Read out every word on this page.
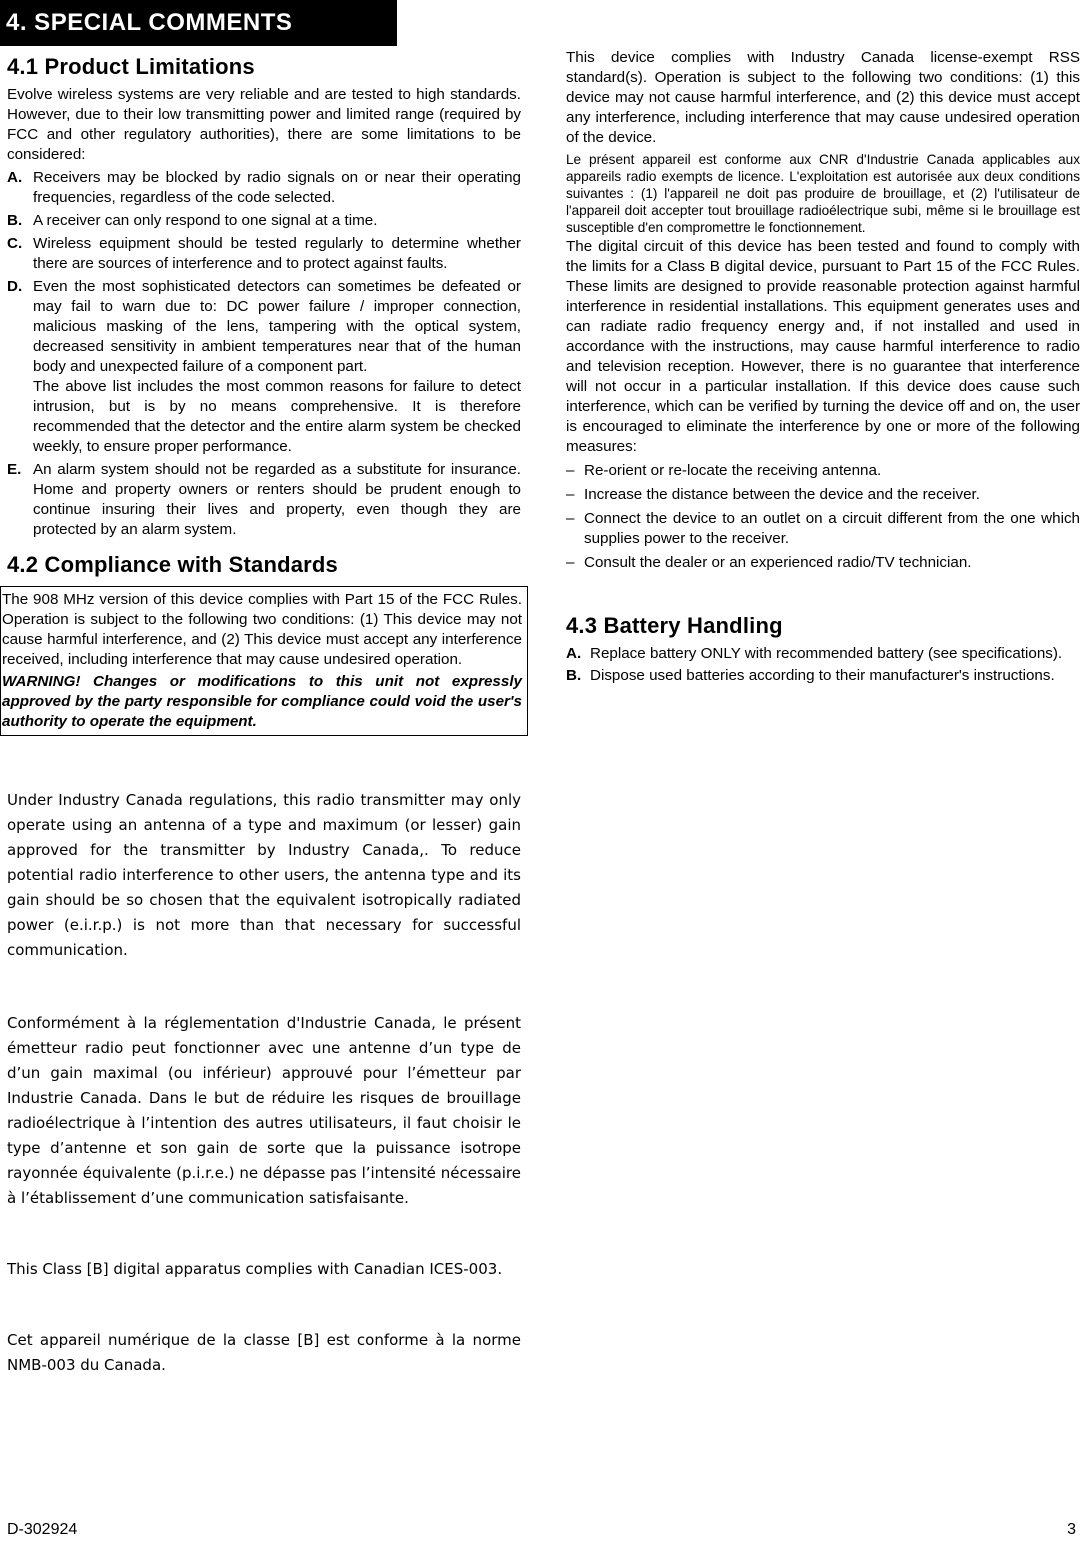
4. SPECIAL COMMENTS
4.1 Product Limitations

Evolve wireless systems are very reliable and are tested to high standards. However, due to their low transmitting power and limited range (required by FCC and other regulatory authorities), there are some limitations to be considered:

A. Receivers may be blocked by radio signals on or near their operating frequencies, regardless of the code selected.
B. A receiver can only respond to one signal at a time.
C. Wireless equipment should be tested regularly to determine whether there are sources of interference and to protect against faults.
D. Even the most sophisticated detectors can sometimes be defeated or may fail to warn due to: DC power failure / improper connection, malicious masking of the lens, tampering with the optical system, decreased sensitivity in ambient temperatures near that of the human body and unexpected failure of a component part.

The above list includes the most common reasons for failure to detect intrusion, but is by no means comprehensive. It is therefore recommended that the detector and the entire alarm system be checked weekly, to ensure proper performance.

E. An alarm system should not be regarded as a substitute for insurance. Home and property owners or renters should be prudent enough to continue insuring their lives and property, even though they are protected by an alarm system.
4.2 Compliance with Standards

The 908 MHz version of this device complies with Part 15 of the FCC Rules. Operation is subject to the following two conditions: (1) This device may not cause harmful interference, and (2) This device must accept any interference received, including interference that may cause undesired operation.

WARNING! Changes or modifications to this unit not expressly approved by the party responsible for compliance could void the user's authority to operate the equipment.

Under Industry Canada regulations, this radio transmitter may only operate using an antenna of a type and maximum (or lesser) gain approved for the transmitter by Industry Canada,. To reduce potential radio interference to other users, the antenna type and its gain should be so chosen that the equivalent isotropically radiated power (e.i.r.p.) is not more than that necessary for successful communication.

Conformément à la réglementation d'Industrie Canada, le présent émetteur radio peut fonctionner avec une antenne d’un type de d’un gain maximal (ou inférieur) approuvé pour l’émetteur par Industrie Canada. Dans le but de réduire les risques de brouillage radioélectrique à l’intention des autres utilisateurs, il faut choisir le type d’antenne et son gain de sorte que la puissance isotrope rayonnée équivalente (p.i.r.e.) ne dépasse pas l’intensité nécessaire à l’établissement d’une communication satisfaisante.

This Class [B] digital apparatus complies with Canadian ICES-003.

Cet appareil numérique de la classe [B] est conforme à la norme NMB-003 du Canada.

This device complies with Industry Canada license-exempt RSS standard(s). Operation is subject to the following two conditions: (1) this device may not cause harmful interference, and (2) this device must accept any interference, including interference that may cause undesired operation of the device.

Le présent appareil est conforme aux CNR d'Industrie Canada applicables aux appareils radio exempts de licence. L'exploitation est autorisée aux deux conditions suivantes : (1) l'appareil ne doit pas produire de brouillage, et (2) l'utilisateur de l'appareil doit accepter tout brouillage radioélectrique subi, même si le brouillage est susceptible d'en compromettre le fonctionnement.

The digital circuit of this device has been tested and found to comply with the limits for a Class B digital device, pursuant to Part 15 of the FCC Rules. These limits are designed to provide reasonable protection against harmful interference in residential installations. This equipment generates uses and can radiate radio frequency energy and, if not installed and used in accordance with the instructions, may cause harmful interference to radio and television reception. However, there is no guarantee that interference will not occur in a particular installation. If this device does cause such interference, which can be verified by turning the device off and on, the user is encouraged to eliminate the interference by one or more of the following measures:

– Re-orient or re-locate the receiving antenna.
– Increase the distance between the device and the receiver.
– Connect the device to an outlet on a circuit different from the one which supplies power to the receiver.
– Consult the dealer or an experienced radio/TV technician.
4.3 Battery Handling
A. Replace battery ONLY with recommended battery (see specifications).
B. Dispose used batteries according to their manufacturer's instructions.
D-302924	3
